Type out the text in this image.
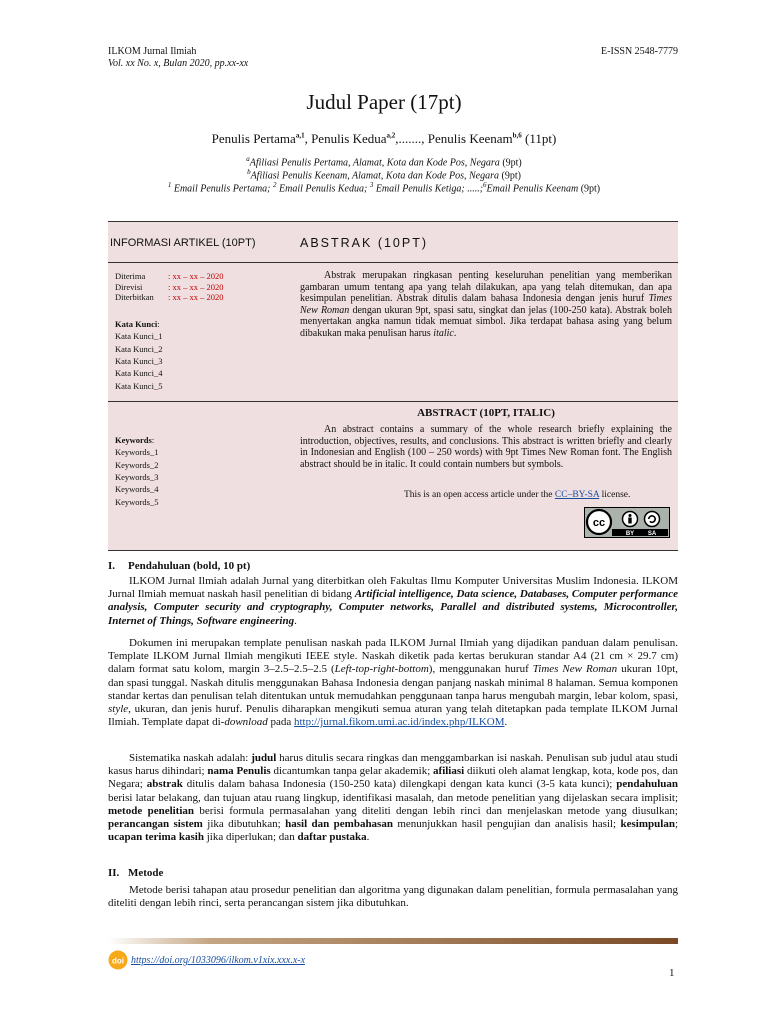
ILKOM Jurnal Ilmiah
Vol. xx No. x, Bulan 2020, pp.xx-xx
E-ISSN 2548-7779
Judul Paper (17pt)
Penulis Pertama$^{a,1}$, Penulis Kedua$^{a,2}$,......., Penulis Keenam$^{b,6}$ (11pt)
$^a$Afiliasi Penulis Pertama, Alamat, Kota dan Kode Pos, Negara (9pt)
$^b$Afiliasi Penulis Keenam, Alamat, Kota dan Kode Pos, Negara (9pt)
$^1$ Email Penulis Pertama; $^2$ Email Penulis Kedua; $^3$ Email Penulis Ketiga; .....;$^6$Email Penulis Keenam (9pt)
INFORMASI ARTIKEL (10PT)	ABSTRAK (10PT)
Diterima	: xx – xx – 2020
Direvisi	: xx – xx – 2020
Diterbitkan : xx – xx – 2020
Kata Kunci:
Kata Kunci_1
Kata Kunci_2
Kata Kunci_3
Kata Kunci_4
Kata Kunci_5
Abstrak merupakan ringkasan penting keseluruhan penelitian yang memberikan gambaran umum tentang apa yang telah dilakukan, apa yang telah ditemukan, dan apa kesimpulan penelitian. Abstrak ditulis dalam bahasa Indonesia dengan jenis huruf Times New Roman dengan ukuran 9pt, spasi satu, singkat dan jelas (100-250 kata). Abstrak boleh menyertakan angka namun tidak memuat simbol. Jika terdapat bahasa asing yang belum dibakukan maka penulisan harus italic.
ABSTRACT (10PT, ITALIC)
Keywords:
Keywords_1
Keywords_2
Keywords_3
Keywords_4
Keywords_5
An abstract contains a summary of the whole research briefly explaining the introduction, objectives, results, and conclusions. This abstract is written briefly and clearly in Indonesian and English (100 – 250 words) with 9pt Times New Roman font. The English abstract should be in italic. It could contain numbers but symbols.
This is an open access article under the CC–BY-SA license.
cc
BY SA
I. Pendahuluan (bold, 10 pt)
ILKOM Jurnal Ilmiah adalah Jurnal yang diterbitkan oleh Fakultas Ilmu Komputer Universitas Muslim Indonesia. ILKOM Jurnal Ilmiah memuat naskah hasil penelitian di bidang Artificial intelligence, Data science, Databases, Computer performance analysis, Computer security and cryptography, Computer networks, Parallel and distributed systems, Microcontroller, Internet of Things, Software engineering.
Dokumen ini merupakan template penulisan naskah pada ILKOM Jurnal Ilmiah yang dijadikan panduan dalam penulisan. Template ILKOM Jurnal Ilmiah mengikuti IEEE style. Naskah diketik pada kertas berukuran standar A4 (21 cm × 29.7 cm) dalam format satu kolom, margin 3–2.5–2.5–2.5 (Left-top-right-bottom), menggunakan huruf Times New Roman ukuran 10pt, dan spasi tunggal. Naskah ditulis menggunakan Bahasa Indonesia dengan panjang naskah minimal 8 halaman. Semua komponen standar kertas dan penulisan telah ditentukan untuk memudahkan penggunaan tanpa harus mengubah margin, lebar kolom, spasi, style, ukuran, dan jenis huruf. Penulis diharapkan mengikuti semua aturan yang telah ditetapkan pada template ILKOM Jurnal Ilmiah. Template dapat di-download pada http://jurnal.fikom.umi.ac.id/index.php/ILKOM.
Sistematika naskah adalah: judul harus ditulis secara ringkas dan menggambarkan isi naskah. Penulisan sub judul atau studi kasus harus dihindari; nama Penulis dicantumkan tanpa gelar akademik; afiliasi diikuti oleh alamat lengkap, kota, kode pos, dan Negara; abstrak ditulis dalam bahasa Indonesia (150-250 kata) dilengkapi dengan kata kunci (3-5 kata kunci); pendahuluan berisi latar belakang, dan tujuan atau ruang lingkup, identifikasi masalah, dan metode penelitian yang dijelaskan secara implisit; metode penelitian berisi formula permasalahan yang diteliti dengan lebih rinci dan menjelaskan metode yang diusulkan; perancangan sistem jika dibutuhkan; hasil dan pembahasan menunjukkan hasil pengujian dan analisis hasil; kesimpulan; ucapan terima kasih jika diperlukan; dan daftar pustaka.
II. Metode
Metode berisi tahapan atau prosedur penelitian dan algoritma yang digunakan dalam penelitian, formula permasalahan yang diteliti dengan lebih rinci, serta perancangan sistem jika dibutuhkan.
doi https://doi.org/1033096/ilkom.v1xix.xxx.x-x
1
